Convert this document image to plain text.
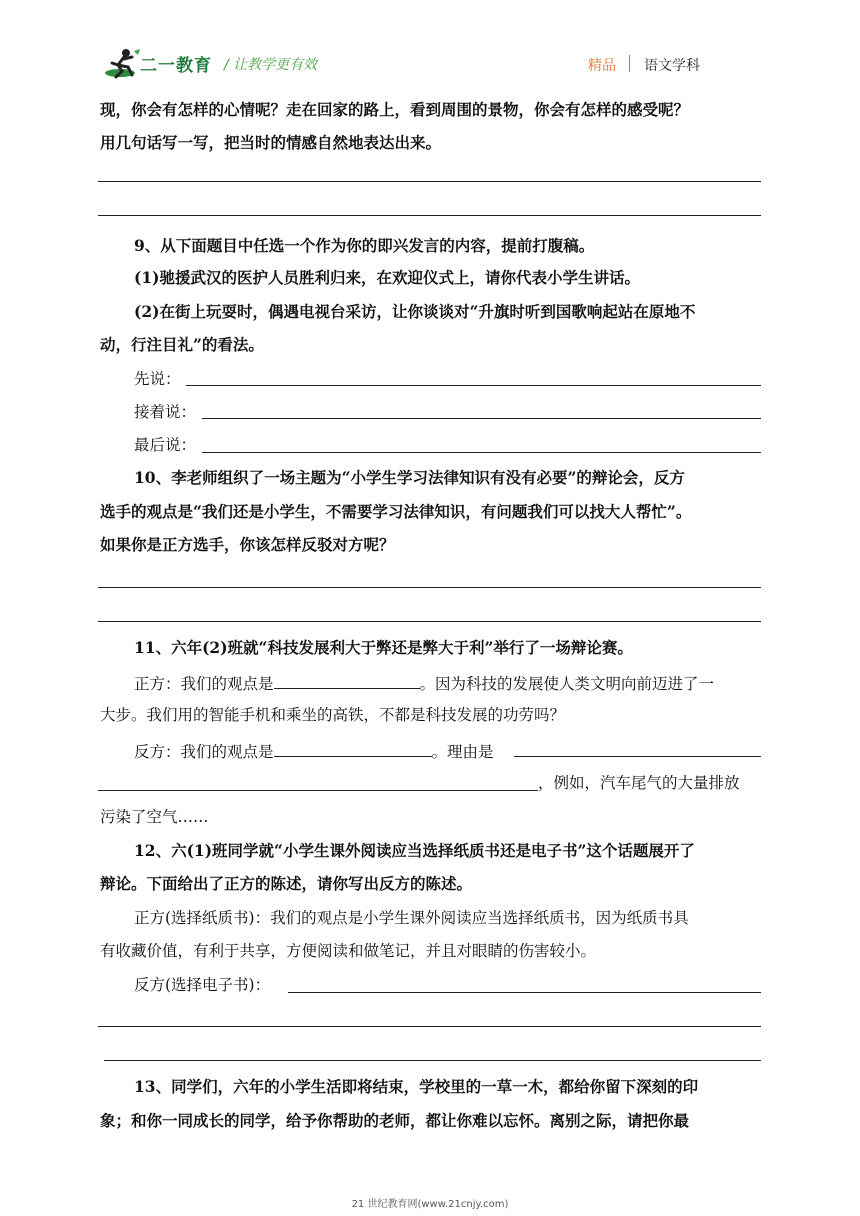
二一教育 / 让教学更有效	精品 语文学科
现，你会有怎样的心情呢？走在回家的路上，看到周围的景物，你会有怎样的感受呢？
用几句话写一写，把当时的情感自然地表达出来。
9、从下面题目中任选一个作为你的即兴发言的内容，提前打腹稿。
(1)驰援武汉的医护人员胜利归来，在欢迎仪式上，请你代表小学生讲话。
(2)在街上玩耍时，偶遇电视台采访，让你谈谈对“升旗时听到国歌响起站在原地不
动，行注目礼”的看法。
先说：
接着说：
最后说：
10、李老师组织了一场主题为“小学生学习法律知识有没有必要”的辩论会，反方
选手的观点是“我们还是小学生，不需要学习法律知识，有问题我们可以找大人帮忙”。
如果你是正方选手，你该怎样反驳对方呢？
11、六年(2)班就“科技发展利大于弊还是弊大于利”举行了一场辩论赛。
正方：我们的观点是	。因为科技的发展使人类文明向前迈进了一
大步。我们用的智能手机和乘坐的高铁，不都是科技发展的功劳吗？
反方：我们的观点是	。理由是
，例如，汽车尾气的大量排放
污染了空气……
12、六(1)班同学就“小学生课外阅读应当选择纸质书还是电子书”这个话题展开了
辩论。下面给出了正方的陈述，请你写出反方的陈述。
正方(选择纸质书)：我们的观点是小学生课外阅读应当选择纸质书，因为纸质书具
有收藏价值，有利于共享，方便阅读和做笔记，并且对眼睛的伤害较小。
反方(选择电子书)：
13、同学们，六年的小学生活即将结束，学校里的一草一木，都给你留下深刻的印
象；和你一同成长的同学，给予你帮助的老师，都让你难以忘怀。离别之际，请把你最
21 世纪教育网(www.21cnjy.com)
